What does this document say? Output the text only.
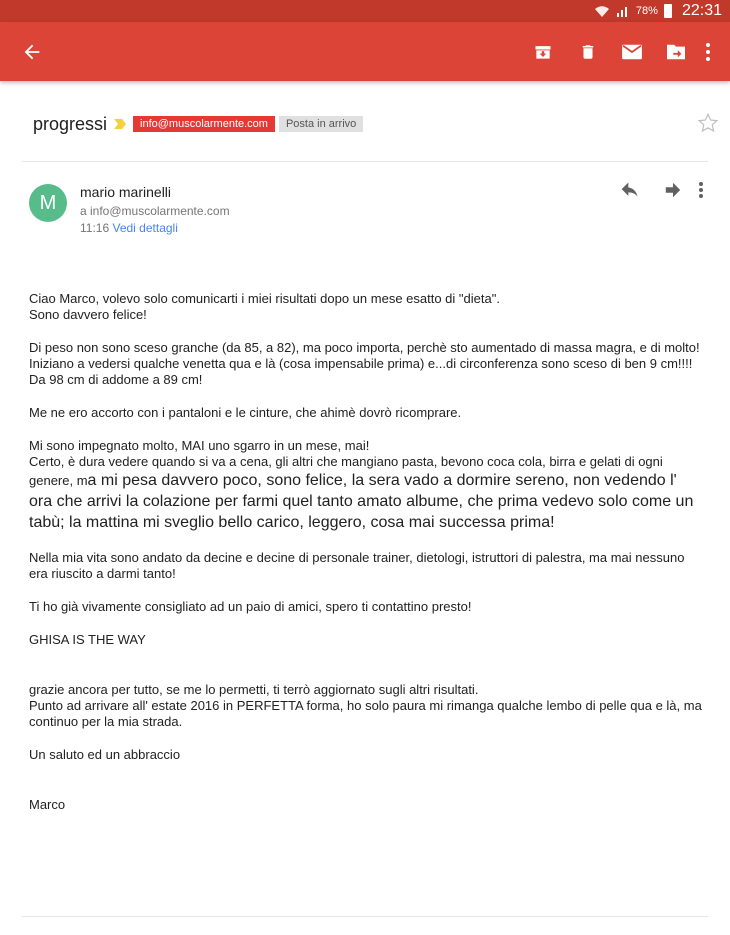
78% 22:31
progressi	info@muscolarmente.com	Posta in arrivo
M	mario marinelli
a info@muscolarmente.com
11:16 Vedi dettagli

Ciao Marco, volevo solo comunicarti i miei risultati dopo un mese esatto di "dieta".
Sono davvero felice!

Di peso non sono sceso granche (da 85, a 82), ma poco importa, perchè sto aumentado di massa magra, e di molto!
Iniziano a vedersi qualche venetta qua e là (cosa impensabile prima) e...di circonferenza sono sceso di ben 9 cm!!!!
Da 98 cm di addome a 89 cm!

Me ne ero accorto con i pantaloni e le cinture, che ahimè dovrò ricomprare.

Mi sono impegnato molto, MAI uno sgarro in un mese, mai!
Certo, è dura vedere quando si va a cena, gli altri che mangiano pasta, bevono coca cola, birra e gelati di ogni genere, ma mi pesa davvero poco, sono felice, la sera vado a dormire sereno, non vedendo l' ora che arrivi la colazione per farmi quel tanto amato albume, che prima vedevo solo come un tabù; la mattina mi sveglio bello carico, leggero, cosa mai successa prima!

Nella mia vita sono andato da decine e decine di personale trainer, dietologi, istruttori di palestra, ma mai nessuno era riuscito a darmi tanto!

Ti ho già vivamente consigliato ad un paio di amici, spero ti contattino presto!

GHISA IS THE WAY

grazie ancora per tutto, se me lo permetti, ti terrò aggiornato sugli altri risultati.
Punto ad arrivare all' estate 2016 in PERFETTA forma, ho solo paura mi rimanga qualche lembo di pelle qua e là, ma continuo per la mia strada.

Un saluto ed un abbraccio

Marco
